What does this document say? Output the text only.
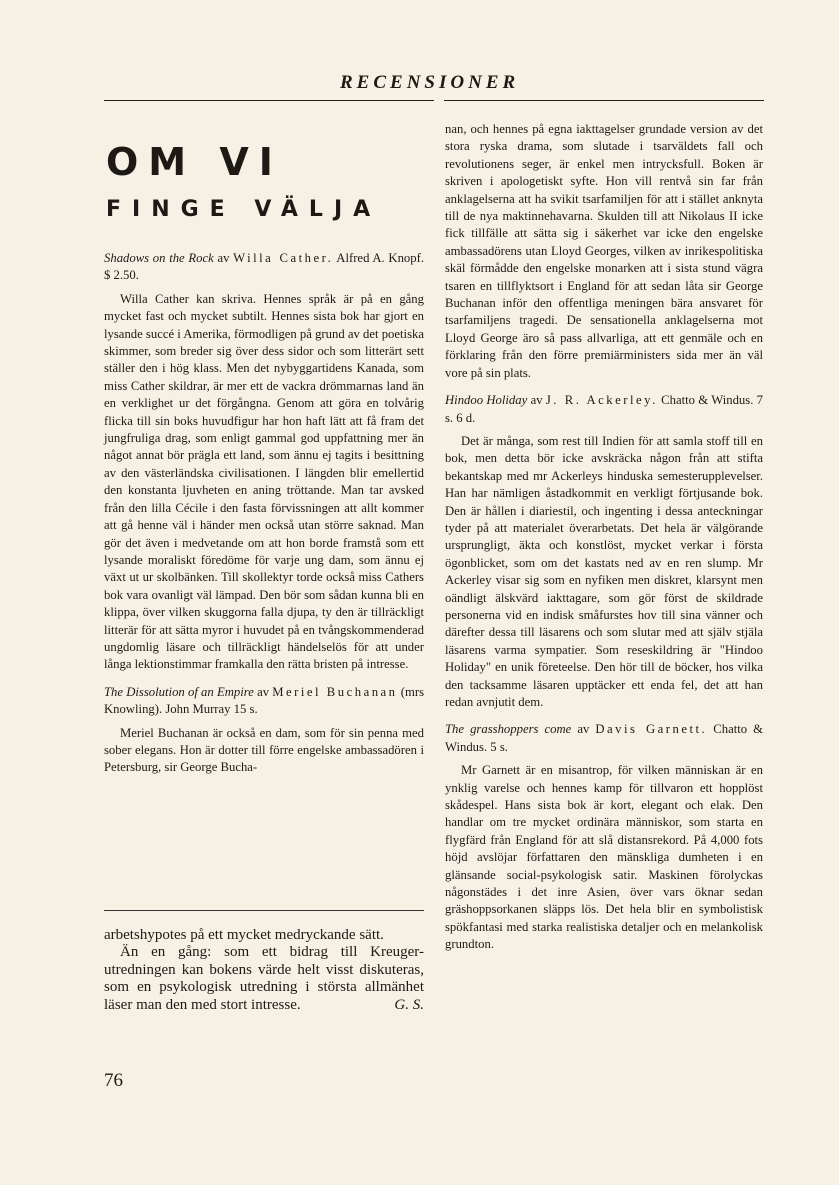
RECENSIONER
OM VI
FINGE VÄLJA

Shadows on the Rock av Willa Cather. Alfred A. Knopf. $ 2.50.

Willa Cather kan skriva. Hennes språk är på en gång mycket fast och mycket subtilt. Hennes sista bok har gjort en lysande succé i Amerika, förmodligen på grund av det poetiska skimmer, som breder sig över dess sidor och som litterärt sett ställer den i hög klass. Men det nybyggartidens Kanada, som miss Cather skildrar, är mer ett de vackra drömmarnas land än en verklighet ur det förgångna. Genom att göra en tolvårig flicka till sin boks huvudfigur har hon haft lätt att få fram det jungfruliga drag, som enligt gammal god uppfattning mer än något annat bör prägla ett land, som ännu ej tagits i besittning av den västerländska civilisationen. I längden blir emellertid den konstanta ljuvheten en aning tröttande. Man tar avsked från den lilla Cécile i den fasta förvissningen att allt kommer att gå henne väl i händer men också utan större saknad. Man gör det även i medvetande om att hon borde framstå som ett lysande moraliskt föredöme för varje ung dam, som ännu ej växt ut ur skolbänken. Till skollektyr torde också miss Cathers bok vara ovanligt väl lämpad. Den bör som sådan kunna bli en klippa, över vilken skuggorna falla djupa, ty den är tillräckligt litterär för att sätta myror i huvudet på en tvångskommenderad ungdomlig läsare och tillräckligt händelselös för att under långa lektionstimmar framkalla den rätta bristen på intresse.

The Dissolution of an Empire av Meriel Buchanan (mrs Knowling). John Murray 15 s.

Meriel Buchanan är också en dam, som för sin penna med sober elegans. Hon är dotter till förre engelske ambassadören i Petersburg, sir George Bucha-

arbetshypotes på ett mycket medryckande sätt.

Än en gång: som ett bidrag till Kreuger-utredningen kan bokens värde helt visst diskuteras, som en psykologisk utredning i största allmänhet läser man den med stort intresse.	G. S.

76

nan, och hennes på egna iakttagelser grundade version av det stora ryska drama, som slutade i tsarväldets fall och revolutionens seger, är enkel men intrycksfull. Boken är skriven i apologetiskt syfte. Hon vill rentvå sin far från anklagelserna att ha svikit tsarfamiljen för att i stället anknyta till de nya maktinnehavarna. Skulden till att Nikolaus II icke fick tillfälle att sätta sig i säkerhet var icke den engelske ambassadörens utan Lloyd Georges, vilken av inrikespolitiska skäl förmådde den engelske monarken att i sista stund vägra tsaren en tillflyktsort i England för att sedan låta sir George Buchanan inför den offentliga meningen bära ansvaret för tsarfamiljens tragedi. De sensationella anklagelserna mot Lloyd George äro så pass allvarliga, att ett genmäle och en förklaring från den förre premiärministers sida mer än väl vore på sin plats.

Hindoo Holiday av J. R. Ackerley. Chatto & Windus. 7 s. 6 d.

Det är många, som rest till Indien för att samla stoff till en bok, men detta bör icke avskräcka någon från att stifta bekantskap med mr Ackerleys hinduska semesterupplevelser. Han har nämligen åstadkommit en verkligt förtjusande bok. Den är hållen i diariestil, och ingenting i dessa anteckningar tyder på att materialet överarbetats. Det hela är välgörande ursprungligt, äkta och konstlöst, mycket verkar i första ögonblicket, som om det kastats ned av en ren slump. Mr Ackerley visar sig som en nyfiken men diskret, klarsynt men oändligt älskvärd iakttagare, som gör först de skildrade personerna vid en indisk småfurstes hov till sina vänner och därefter dessa till läsarens och som slutar med att själv stjäla läsarens varma sympatier. Som reseskildring är "Hindoo Holiday" en unik företeelse. Den hör till de böcker, hos vilka den tacksamme läsaren upptäcker ett enda fel, det att han redan avnjutit dem.

The grasshoppers come av Davis Garnett. Chatto & Windus. 5 s.

Mr Garnett är en misantrop, för vilken människan är en ynklig varelse och hennes kamp för tillvaron ett hopplöst skådespel. Hans sista bok är kort, elegant och elak. Den handlar om tre mycket ordinära människor, som starta en flygfärd från England för att slå distansrekord. På 4,000 fots höjd avslöjar författaren den mänskliga dumheten i en glänsande social-psykologisk satir. Maskinen förolyckas någonstädes i det inre Asien, över vars öknar sedan gräshoppsorkanen släpps lös. Det hela blir en symbolistisk spökfantasi med starka realistiska detaljer och en melankolisk grundton.
